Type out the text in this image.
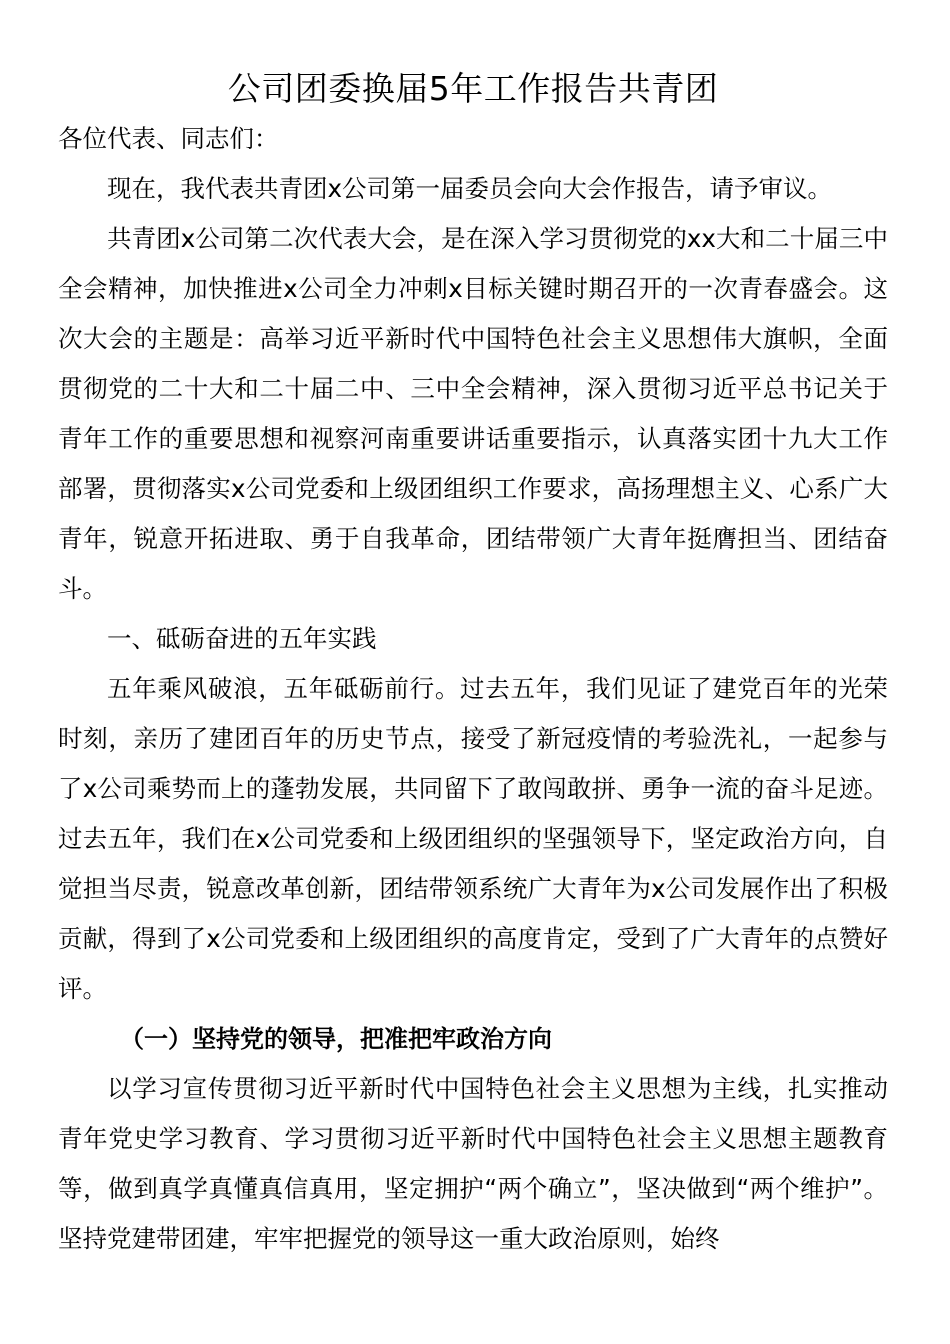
公司团委换届5年工作报告共青团

各位代表、同志们：

现在，我代表共青团x公司第一届委员会向大会作报告，请予审议。

共青团x公司第二次代表大会，是在深入学习贯彻党的xx大和二十届三中全会精神，加快推进x公司全力冲刺x目标关键时期召开的一次青春盛会。这次大会的主题是：高举习近平新时代中国特色社会主义思想伟大旗帜，全面贯彻党的二十大和二十届二中、三中全会精神，深入贯彻习近平总书记关于青年工作的重要思想和视察河南重要讲话重要指示，认真落实团十九大工作部署，贯彻落实x公司党委和上级团组织工作要求，高扬理想主义、心系广大青年，锐意开拓进取、勇于自我革命，团结带领广大青年挺膺担当、团结奋斗。

一、砥砺奋进的五年实践

五年乘风破浪，五年砥砺前行。过去五年，我们见证了建党百年的光荣时刻，亲历了建团百年的历史节点，接受了新冠疫情的考验洗礼，一起参与了x公司乘势而上的蓬勃发展，共同留下了敢闯敢拼、勇争一流的奋斗足迹。过去五年，我们在x公司党委和上级团组织的坚强领导下，坚定政治方向，自觉担当尽责，锐意改革创新，团结带领系统广大青年为x公司发展作出了积极贡献，得到了x公司党委和上级团组织的高度肯定，受到了广大青年的点赞好评。

（一）坚持党的领导，把准把牢政治方向

以学习宣传贯彻习近平新时代中国特色社会主义思想为主线，扎实推动青年党史学习教育、学习贯彻习近平新时代中国特色社会主义思想主题教育等，做到真学真懂真信真用，坚定拥护“两个确立”，坚决做到“两个维护”。坚持党建带团建，牢牢把握党的领导这一重大政治原则，始终
